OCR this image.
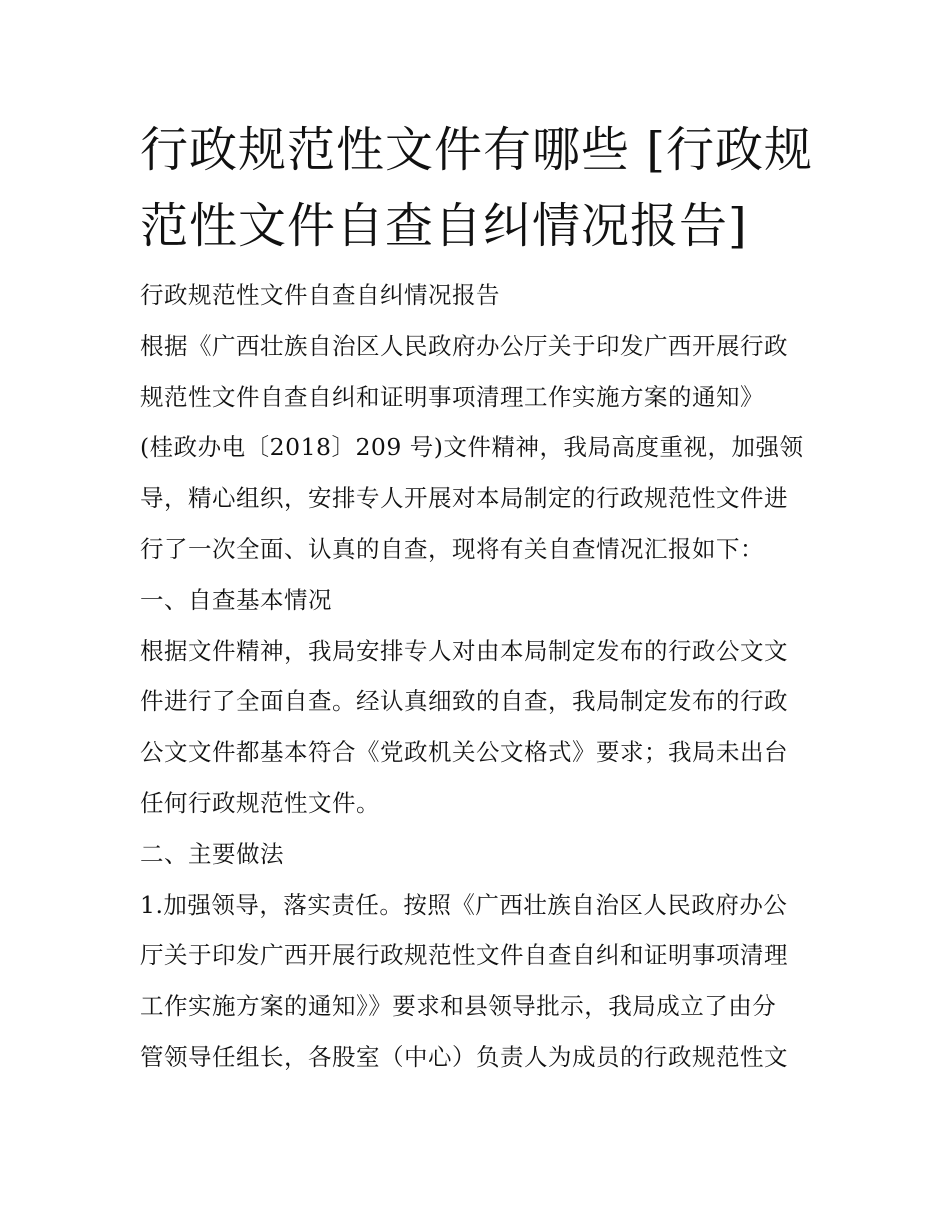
行政规范性文件有哪些 [行政规范性文件自查自纠情况报告]

行政规范性文件自查自纠情况报告

根据《广西壮族自治区人民政府办公厅关于印发广西开展行政

规范性文件自查自纠和证明事项清理工作实施方案的通知》

(桂政办电〔2018〕209 号)文件精神，我局高度重视，加强领

导，精心组织，安排专人开展对本局制定的行政规范性文件进

行了一次全面、认真的自查，现将有关自查情况汇报如下：

一、自查基本情况

根据文件精神，我局安排专人对由本局制定发布的行政公文文

件进行了全面自查。经认真细致的自查，我局制定发布的行政

公文文件都基本符合《党政机关公文格式》要求；我局未出台

任何行政规范性文件。

二、主要做法

1.加强领导，落实责任。按照《广西壮族自治区人民政府办公

厅关于印发广西开展行政规范性文件自查自纠和证明事项清理

工作实施方案的通知》》要求和县领导批示，我局成立了由分

管领导任组长，各股室（中心）负责人为成员的行政规范性文
